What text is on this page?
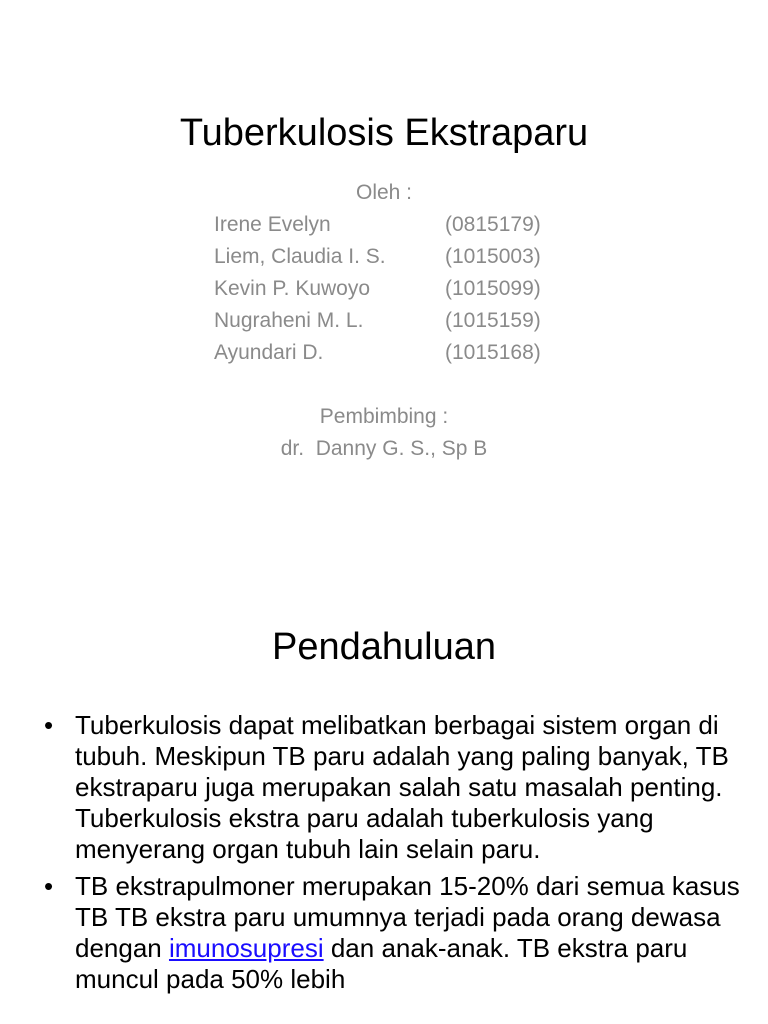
Tuberkulosis Ekstraparu
Oleh :
Irene Evelyn	(0815179)
Liem, Claudia I. S.	(1015003)
Kevin P. Kuwoyo	(1015099)
Nugraheni M. L.	(1015159)
Ayundari D.	(1015168)
Pembimbing :
dr.  Danny G. S., Sp B
Pendahuluan
• Tuberkulosis dapat melibatkan berbagai sistem organ di tubuh. Meskipun TB paru adalah yang paling banyak, TB ekstraparu juga merupakan salah satu masalah penting. Tuberkulosis ekstra paru adalah tuberkulosis yang menyerang organ tubuh lain selain paru.
• TB ekstrapulmoner merupakan 15-20% dari semua kasus TB TB ekstra paru umumnya terjadi pada orang dewasa dengan imunosupresi dan anak-anak. TB ekstra paru muncul pada 50% lebih
